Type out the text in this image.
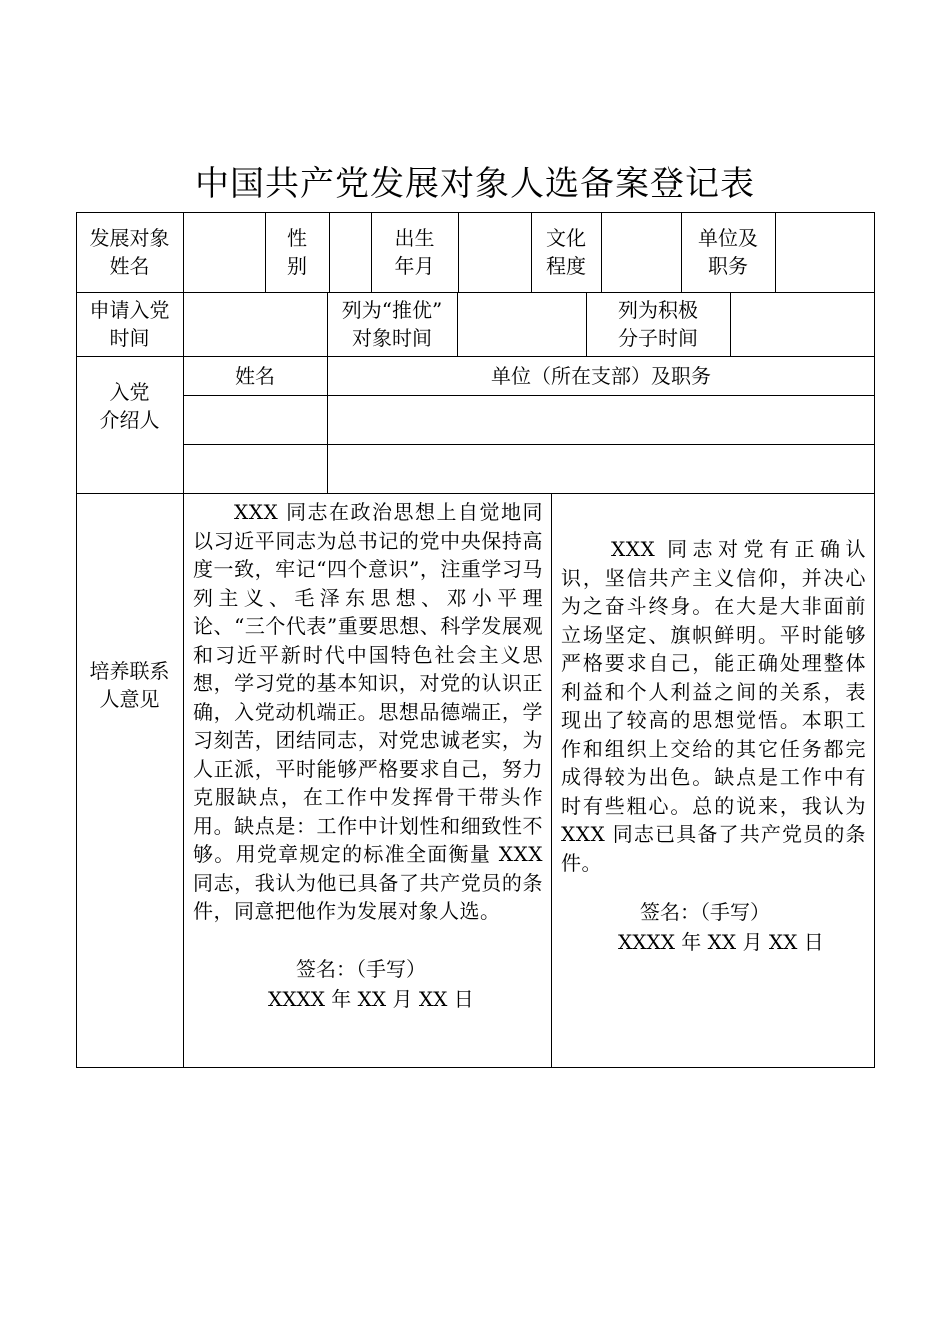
中国共产党发展对象人选备案登记表
发展对象
姓名
性
别
出生
年月
文化
程度
单位及
职务
申请入党
时间
列为“推优”
对象时间
列为积极
分子时间
入党
介绍人
姓名	单位（所在支部）及职务
培养联系
人意见
XXX 同志在政治思想上自觉地同以习近平同志为总书记的党中央保持高度一致，牢记“四个意识”，注重学习马列主义、毛泽东思想、邓小平理论、“三个代表”重要思想、科学发展观和习近平新时代中国特色社会主义思想，学习党的基本知识，对党的认识正确，入党动机端正。思想品德端正，学习刻苦，团结同志，对党忠诚老实，为人正派，平时能够严格要求自己，努力克服缺点，在工作中发挥骨干带头作用。缺点是：工作中计划性和细致性不够。用党章规定的标准全面衡量 XXX 同志，我认为他已具备了共产党员的条件，同意把他作为发展对象人选。
签名：（手写）
XXXX 年 XX 月 XX 日
XXX 同志对党有正确认识，坚信共产主义信仰，并决心为之奋斗终身。在大是大非面前立场坚定、旗帜鲜明。平时能够严格要求自己，能正确处理整体利益和个人利益之间的关系，表现出了较高的思想觉悟。本职工作和组织上交给的其它任务都完成得较为出色。缺点是工作中有时有些粗心。总的说来，我认为 XXX 同志已具备了共产党员的条件。
签名：（手写）
XXXX 年 XX 月 XX 日
